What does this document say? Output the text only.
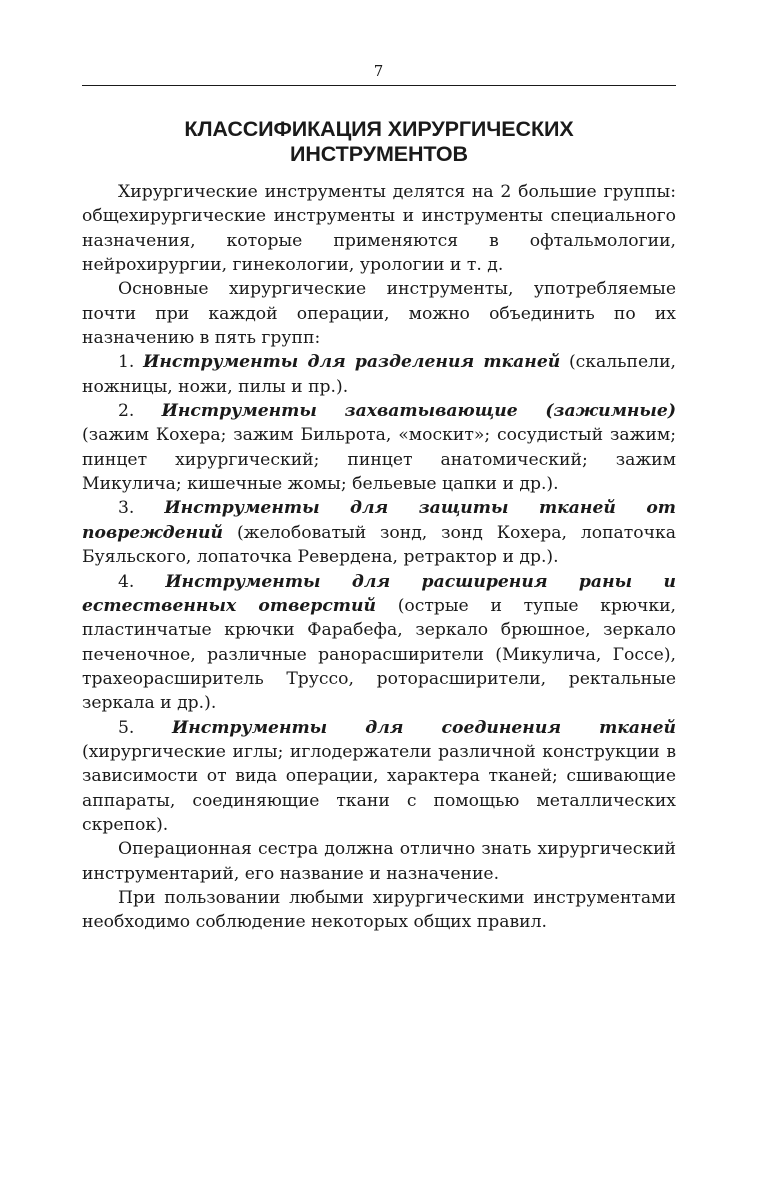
7
КЛАССИФИКАЦИЯ ХИРУРГИЧЕСКИХ
ИНСТРУМЕНТОВ

Хирургические инструменты делятся на 2 большие группы: общехирургические инструменты и инструменты специального назначения, которые применяются в офтальмологии, нейрохирургии, гинекологии, урологии и т. д.

Основные хирургические инструменты, употребляемые почти при каждой операции, можно объединить по их назначению в пять групп:

1. Инструменты для разделения тканей (скальпели, ножницы, ножи, пилы и пр.).

2. Инструменты захватывающие (зажимные) (зажим Кохера; зажим Бильрота, «москит»; сосудистый зажим; пинцет хирургический; пинцет анатомический; зажим Микулича; кишечные жомы; бельевые цапки и др.).

3. Инструменты для защиты тканей от повреждений (желобоватый зонд, зонд Кохера, лопаточка Буяльского, лопаточка Ревердена, ретрактор и др.).

4. Инструменты для расширения раны и естественных отверстий (острые и тупые крючки, пластинчатые крючки Фарабефа, зеркало брюшное, зеркало печеночное, различные ранорасширители (Микулича, Госсе), трахеорасширитель Труссо, роторасширители, ректальные зеркала и др.).

5. Инструменты для соединения тканей (хирургические иглы; иглодержатели различной конструкции в зависимости от вида операции, характера тканей; сшивающие аппараты, соединяющие ткани с помощью металлических скрепок).

Операционная сестра должна отлично знать хирургический инструментарий, его название и назначение.

При пользовании любыми хирургическими инструментами необходимо соблюдение некоторых общих правил.
